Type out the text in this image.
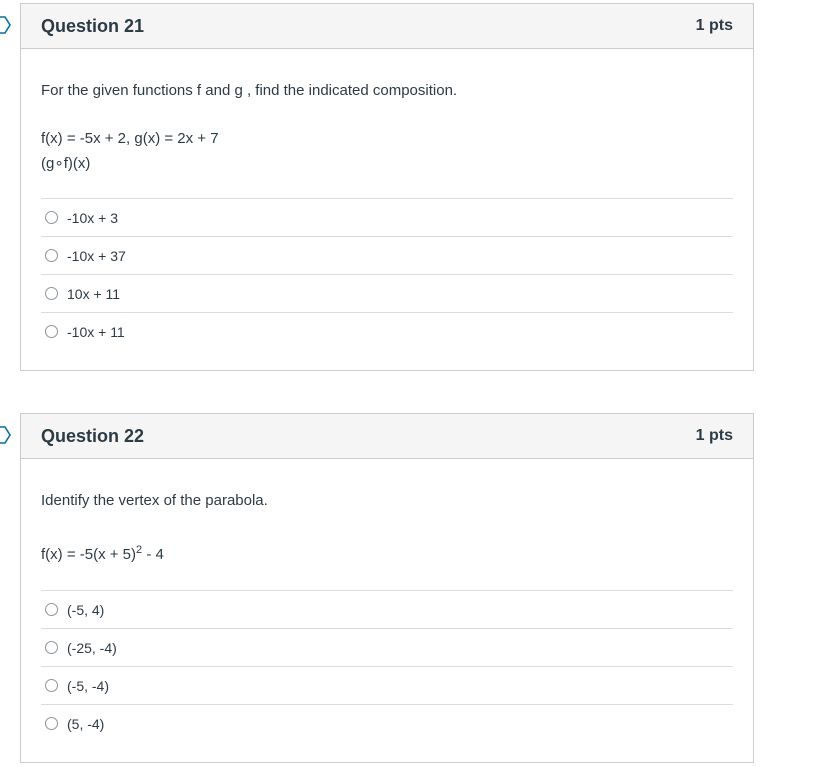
Question 21	1 pts

For the given functions f and g , find the indicated composition.

f(x) = -5x + 2, g(x) = 2x + 7

(g∘f)(x)

-10x + 3
-10x + 37
10x + 11
-10x + 11
Question 22	1 pts

Identify the vertex of the parabola.

$f(x) = -5(x + 5)^2 - 4$

(-5, 4)
(-25, -4)
(-5, -4)
(5, -4)
